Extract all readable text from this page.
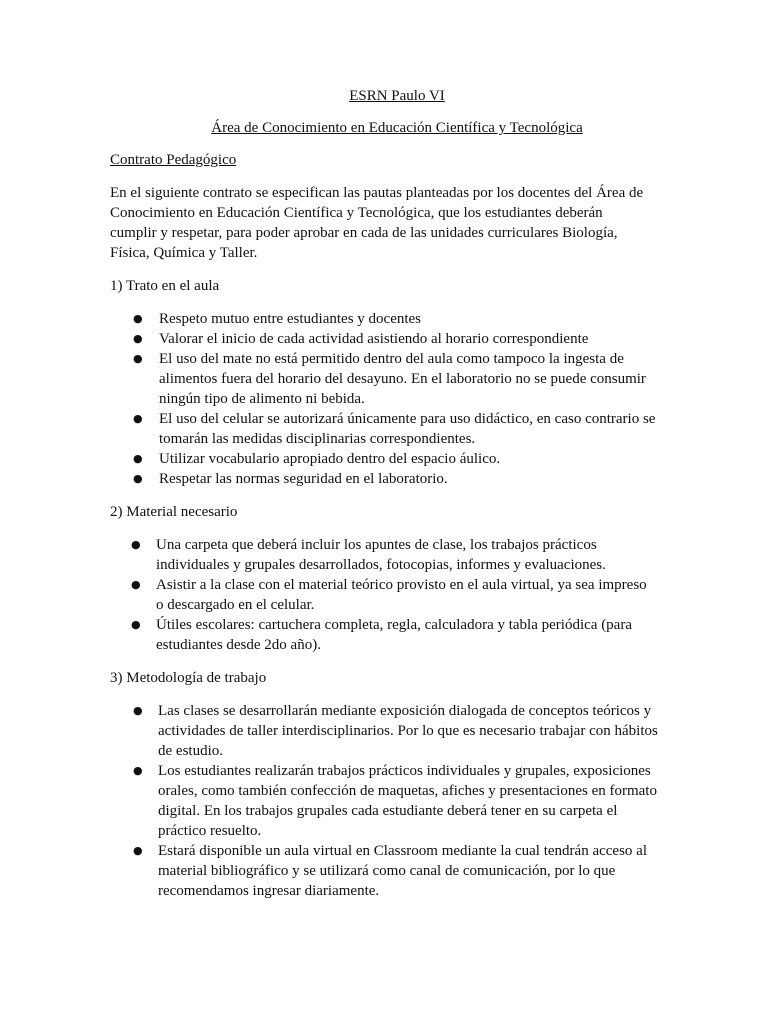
ESRN Paulo VI

Área de Conocimiento en Educación Científica y Tecnológica

Contrato Pedagógico

En el siguiente contrato se especifican las pautas planteadas por los docentes del Área de Conocimiento en Educación Científica y Tecnológica, que los estudiantes deberán cumplir y respetar, para poder aprobar en cada de las unidades curriculares Biología, Física, Química y Taller.

1) Trato en el aula

● Respeto mutuo entre estudiantes y docentes
● Valorar el inicio de cada actividad asistiendo al horario correspondiente
● El uso del mate no está permitido dentro del aula como tampoco la ingesta de alimentos fuera del horario del desayuno. En el laboratorio no se puede consumir ningún tipo de alimento ni bebida.
● El uso del celular se autorizará únicamente para uso didáctico, en caso contrario se tomarán las medidas disciplinarias correspondientes.
● Utilizar vocabulario apropiado dentro del espacio áulico.
● Respetar las normas seguridad en el laboratorio.

2) Material necesario

● Una carpeta que deberá incluir los apuntes de clase, los trabajos prácticos individuales y grupales desarrollados, fotocopias, informes y evaluaciones.
● Asistir a la clase con el material teórico provisto en el aula virtual, ya sea impreso o descargado en el celular.
● Útiles escolares: cartuchera completa, regla, calculadora y tabla periódica (para estudiantes desde 2do año).

3) Metodología de trabajo

● Las clases se desarrollarán mediante exposición dialogada de conceptos teóricos y actividades de taller interdisciplinarios. Por lo que es necesario trabajar con hábitos de estudio.
● Los estudiantes realizarán trabajos prácticos individuales y grupales, exposiciones orales, como también confección de maquetas, afiches y presentaciones en formato digital. En los trabajos grupales cada estudiante deberá tener en su carpeta el práctico resuelto.
● Estará disponible un aula virtual en Classroom mediante la cual tendrán acceso al material bibliográfico y se utilizará como canal de comunicación, por lo que recomendamos ingresar diariamente.
